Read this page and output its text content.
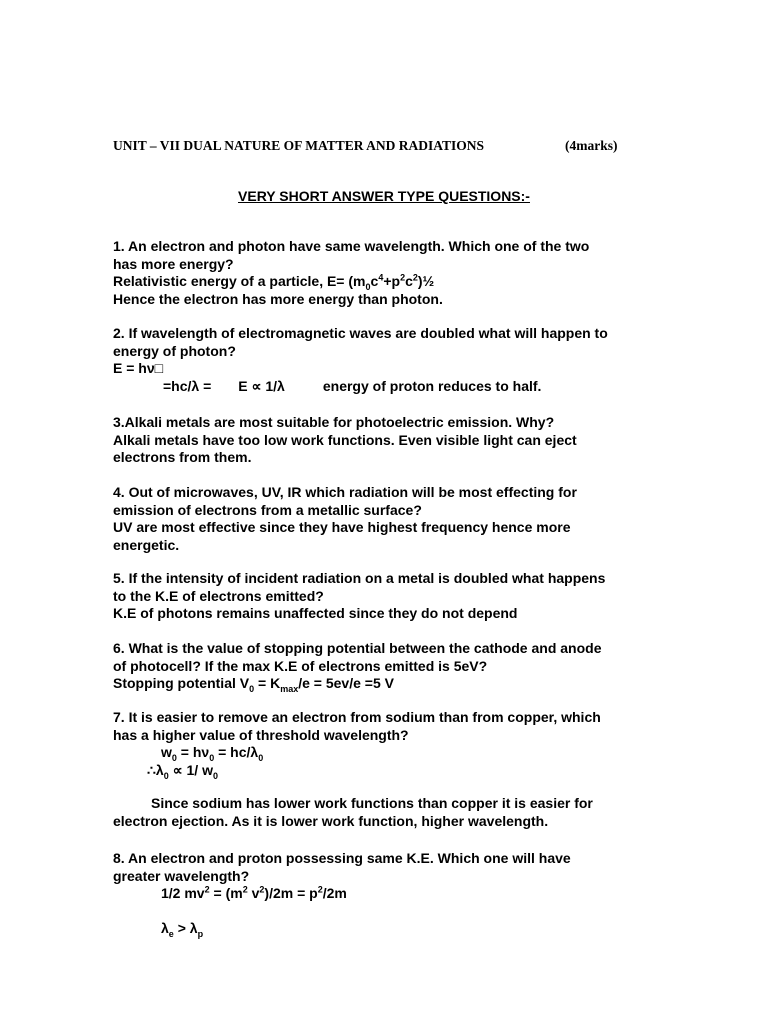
UNIT – VII DUAL NATURE OF MATTER AND RADIATIONS	(4marks)
VERY SHORT ANSWER TYPE QUESTIONS:-
1. An electron and photon have same wavelength. Which one of the two
has more energy?
Relativistic energy of a particle, $E= (m_0c^4+p^2c^2)\frac{1}{2}$
Hence the electron has more energy than photon.
2. If wavelength of electromagnetic waves are doubled what will happen to
energy of photon?
E = hν□
=hc/λ = E ∝ 1/λ	energy of proton reduces to half.
3.Alkali metals are most suitable for photoelectric emission. Why?
Alkali metals have too low work functions. Even visible light can eject
electrons from them.
4. Out of microwaves, UV, IR which radiation will be most effecting for
emission of electrons from a metallic surface?
UV are most effective since they have highest frequency hence more
energetic.
5. If the intensity of incident radiation on a metal is doubled what happens
to the K.E of electrons emitted?
K.E of photons remains unaffected since they do not depend
6. What is the value of stopping potential between the cathode and anode
of photocell? If the max K.E of electrons emitted is 5eV?
Stopping potential $V_0 = K_{max}/e = 5ev/e =5$ V
7. It is easier to remove an electron from sodium than from copper, which
has a higher value of threshold wavelength?
$w_0 = h\nu_0 = hc/\lambda_0$
$\therefore\lambda_0 \propto 1/$ $w_0$
Since sodium has lower work functions than copper it is easier for
electron ejection. As it is lower work function, higher wavelength.
8. An electron and proton possessing same K.E. Which one will have
greater wavelength?
1/2 $mv^2 = (m^2$ $v^2)/2m = p^2/2m$
$\lambda_e > \lambda_p$
